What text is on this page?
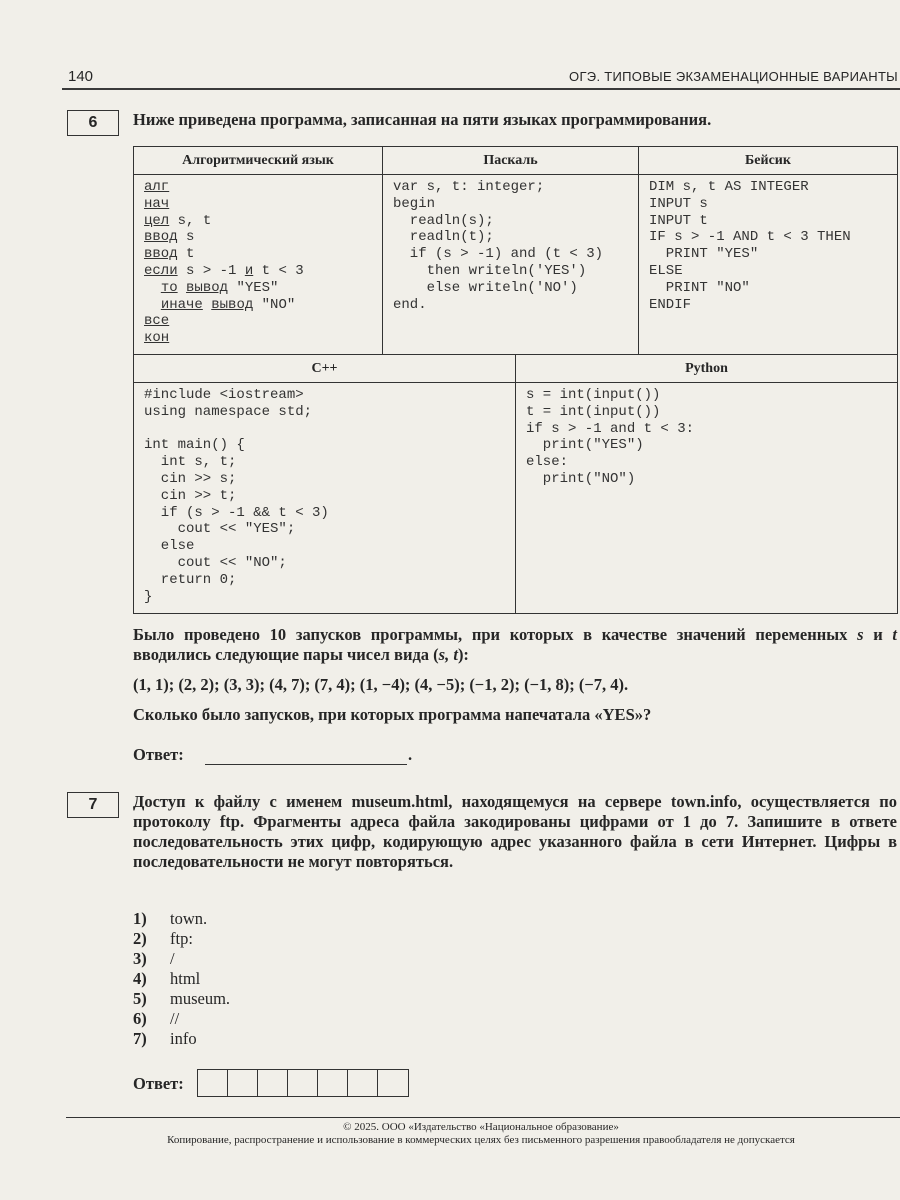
140	ОГЭ. ТИПОВЫЕ ЭКЗАМЕНАЦИОННЫЕ ВАРИАНТЫ
6	Ниже приведена программа, записанная на пяти языках программирования.
Алгоритмический язык
алг
нач
цел s, t
ввод s
ввод t
если s > -1 и t < 3
то вывод "YES"
иначе вывод "NO"
все
кон
Паскаль
var s, t: integer;
begin
readln(s);
readln(t);
if (s > -1) and (t < 3)
then writeln('YES')
else writeln('NO')
end.
Бейсик
DIM s, t AS INTEGER
INPUT s
INPUT t
IF s > -1 AND t < 3 THEN
PRINT "YES"
ELSE
PRINT "NO"
ENDIF
C++
#include <iostream>
using namespace std;

int main() {
int s, t;
cin >> s;
cin >> t;
if (s > -1 && t < 3)
cout << "YES";
else
cout << "NO";
return 0;
}
Python
s = int(input())
t = int(input())
if s > -1 and t < 3:
print("YES")
else:
print("NO")
Было проведено 10 запусков программы, при которых в качестве значений переменных s и t вводились следующие пары чисел вида (s, t):
(1, 1); (2, 2); (3, 3); (4, 7); (7, 4); (1, −4); (4, −5); (−1, 2); (−1, 8); (−7, 4).
Сколько было запусков, при которых программа напечатала «YES»?
Ответ:	.
7	Доступ к файлу с именем museum.html, находящемуся на сервере town.info, осуществляется по протоколу ftp. Фрагменты адреса файла закодированы цифрами от 1 до 7. Запишите в ответе последовательность этих цифр, кодирующую адрес указанного файла в сети Интернет. Цифры в последовательности не могут повторяться.
1) town.
2) ftp:
3) /
4) html
5) museum.
6) //
7) info
Ответ:
© 2025. ООО «Издательство «Национальное образование»
Копирование, распространение и использование в коммерческих целях без письменного разрешения правообладателя не допускается
